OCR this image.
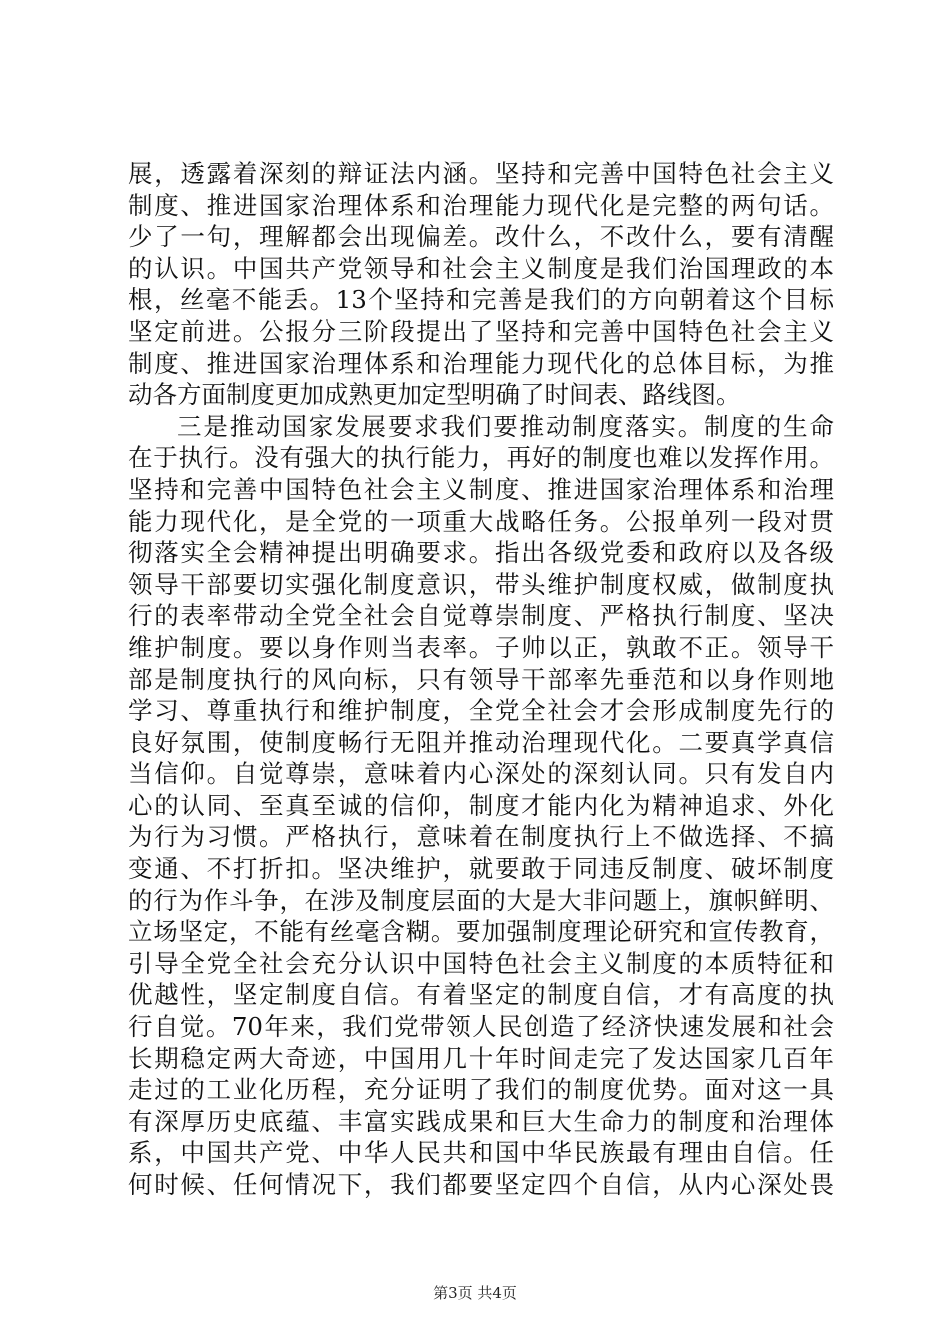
展，透露着深刻的辩证法内涵。坚持和完善中国特色社会主义
制度、推进国家治理体系和治理能力现代化是完整的两句话。
少了一句，理解都会出现偏差。改什么，不改什么，要有清醒
的认识。中国共产党领导和社会主义制度是我们治国理政的本
根，丝毫不能丢。13个坚持和完善是我们的方向朝着这个目标
坚定前进。公报分三阶段提出了坚持和完善中国特色社会主义
制度、推进国家治理体系和治理能力现代化的总体目标，为推
动各方面制度更加成熟更加定型明确了时间表、路线图。
三是推动国家发展要求我们要推动制度落实。制度的生命
在于执行。没有强大的执行能力，再好的制度也难以发挥作用。
坚持和完善中国特色社会主义制度、推进国家治理体系和治理
能力现代化，是全党的一项重大战略任务。公报单列一段对贯
彻落实全会精神提出明确要求。指出各级党委和政府以及各级
领导干部要切实强化制度意识，带头维护制度权威，做制度执
行的表率带动全党全社会自觉尊崇制度、严格执行制度、坚决
维护制度。要以身作则当表率。子帅以正，孰敢不正。领导干
部是制度执行的风向标，只有领导干部率先垂范和以身作则地
学习、尊重执行和维护制度，全党全社会才会形成制度先行的
良好氛围，使制度畅行无阻并推动治理现代化。二要真学真信
当信仰。自觉尊崇，意味着内心深处的深刻认同。只有发自内
心的认同、至真至诚的信仰，制度才能内化为精神追求、外化
为行为习惯。严格执行，意味着在制度执行上不做选择、不搞
变通、不打折扣。坚决维护，就要敢于同违反制度、破坏制度
的行为作斗争，在涉及制度层面的大是大非问题上，旗帜鲜明、
立场坚定，不能有丝毫含糊。要加强制度理论研究和宣传教育，
引导全党全社会充分认识中国特色社会主义制度的本质特征和
优越性，坚定制度自信。有着坚定的制度自信，才有高度的执
行自觉。70年来，我们党带领人民创造了经济快速发展和社会
长期稳定两大奇迹，中国用几十年时间走完了发达国家几百年
走过的工业化历程，充分证明了我们的制度优势。面对这一具
有深厚历史底蕴、丰富实践成果和巨大生命力的制度和治理体
系，中国共产党、中华人民共和国中华民族最有理由自信。任
何时候、任何情况下，我们都要坚定四个自信，从内心深处畏
第3页 共4页
